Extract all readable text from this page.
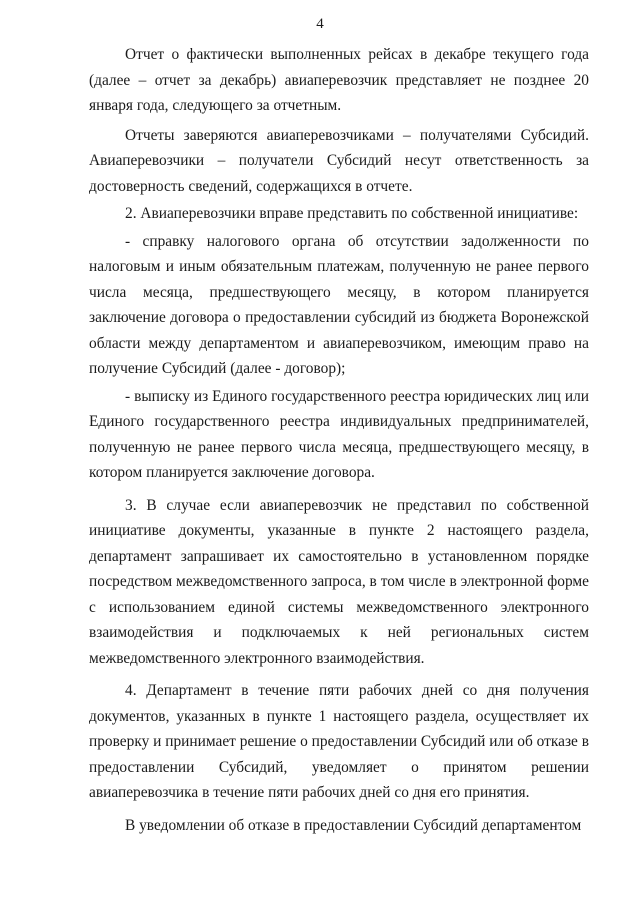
4

Отчет о фактически выполненных рейсах в декабре текущего года (далее – отчет за декабрь) авиаперевозчик представляет не позднее 20 января года, следующего за отчетным.

Отчеты заверяются авиаперевозчиками – получателями Субсидий. Авиаперевозчики – получатели Субсидий несут ответственность за достоверность сведений, содержащихся в отчете.

2. Авиаперевозчики вправе представить по собственной инициативе:

- справку налогового органа об отсутствии задолженности по налоговым и иным обязательным платежам, полученную не ранее первого числа месяца, предшествующего месяцу, в котором планируется заключение договора о предоставлении субсидий из бюджета Воронежской области между департаментом и авиаперевозчиком, имеющим право на получение Субсидий (далее - договор);

- выписку из Единого государственного реестра юридических лиц или Единого государственного реестра индивидуальных предпринимателей, полученную не ранее первого числа месяца, предшествующего месяцу, в котором планируется заключение договора.

3. В случае если авиаперевозчик не представил по собственной инициативе документы, указанные в пункте 2 настоящего раздела, департамент запрашивает их самостоятельно в установленном порядке посредством межведомственного запроса, в том числе в электронной форме с использованием единой системы межведомственного электронного взаимодействия и подключаемых к ней региональных систем межведомственного электронного взаимодействия.

4. Департамент в течение пяти рабочих дней со дня получения документов, указанных в пункте 1 настоящего раздела, осуществляет их проверку и принимает решение о предоставлении Субсидий или об отказе в предоставлении Субсидий, уведомляет о принятом решении авиаперевозчика в течение пяти рабочих дней со дня его принятия.

В уведомлении об отказе в предоставлении Субсидий департаментом
